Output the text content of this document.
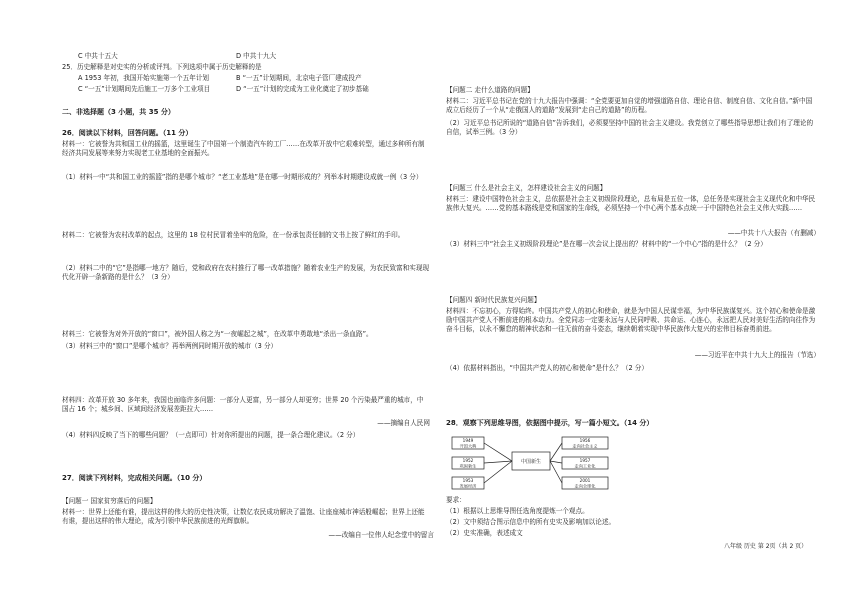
C 中共十五大	D 中共十九大
25．历史解释是对史实的分析或评判。下列选项中属于历史解释的是
A 1953 年初，我国开始实施第一个五年计划	B “一五”计划期间，北京电子管厂建成投产
C “一五”计划期间先后施工一万多个工业项目	D “一五”计划的完成为工业化奠定了初步基础
二、非选择题（3 小题，共 35 分）
26．阅读以下材料，回答问题。（11 分）
材料一：它被誉为共和国工业的摇篮，这里诞生了中国第一个制造汽车的工厂……在改革开放中它艰难转型，通过多种所有制经济共同发展等来努力实现老工业基地的全面振兴。
（1）材料一中“共和国工业的摇篮”指的是哪个城市？“老工业基地”是在哪一时期形成的？列举本时期建设成就一例（3 分）
材料二：它被誉为农村改革的起点，这里的 18 位村民冒着坐牢的危险，在一份承包责任制的文书上按了鲜红的手印。
（2）材料二中的“它”是指哪一地方？随后，党和政府在农村推行了哪一改革措施？随着农业生产的发展，为农民致富和实现现代化开辟一条新路的是什么？（3 分）
材料三：它被誉为对外开放的“窗口”，被外国人称之为“一夜崛起之城”，在改革中勇敢地“杀出一条血路”。
（3）材料三中的“窗口”是哪个城市？再举两例同时期开放的城市（3 分）
材料四：改革开放 30 多年来，我国也面临许多问题：一部分人更富，另一部分人却更穷；世界 20 个污染最严重的城市，中国占 16 个；城乡间、区域间经济发展差距拉大……
——摘编自人民网
（4）材料四反映了当下的哪些问题？（一点即可）针对你所提出的问题，提一条合理化建议。（2 分）
27．阅读下列材料，完成相关问题。（10 分）
【问题一 国家贫穷落后的问题】
材料一：世界上还能有谁，提出这样的伟大的历史性决策，让数亿农民成功解决了温饱、让座座城市神话般崛起；世界上还能有谁，提出这样的伟大理论，成为引领中华民族前进的光辉旗帜。
——改编自一位伟人纪念堂中的留言
【问题二 走什么道路的问题】
材料二：习近平总书记在党的十九大报告中强调：“全党要更加自觉的增强道路自信、理论自信、制度自信、文化自信。”新中国成立后经历了一个从“走俄国人的道路”发展到“走自己的道路”的历程。
（2）习近平总书记所说的“道路自信”告诉我们，必须要坚持中国的社会主义建设。我党创立了哪些指导思想让我们有了理论的自信，试举三例。（3 分）
【问题三 什么是社会主义，怎样建设社会主义的问题】
材料三：建设中国特色社会主义，总依据是社会主义初级阶段理论，总布局是五位一体，总任务是实现社会主义现代化和中华民族伟大复兴。……党的基本路线是党和国家的生命线，必须坚持一个中心两个基本点统一于中国特色社会主义伟大实践……
——中共十八大报告（有删减）
（3）材料三中“社会主义初级阶段理论”是在哪一次会议上提出的？材料中的“一个中心”指的是什么？（2 分）
【问题四 新时代民族复兴问题】
材料四：不忘初心，方得始终。中国共产党人的初心和使命，就是为中国人民谋幸福，为中华民族谋复兴。这个初心和使命是激励中国共产党人不断前进的根本动力。全党同志一定要永远与人民同呼吸、共命运、心连心，永远把人民对美好生活的向往作为奋斗目标，以永不懈怠的精神状态和一往无前的奋斗姿态，继续朝着实现中华民族伟大复兴的宏伟目标奋勇前进。
——习近平在中共十九大上的报告（节选）
（4）依据材料指出，“中国共产党人的初心和使命”是什么？（2 分）
28．观察下列思维导图，依据图中提示，写一篇小短文。（14 分）
1949
开国大典
1952
巩固新生
1953
发展经济
中国新生
1956
走向社会主义
1957
走向工业化
2001
走向全球化
要求：
（1）根据以上思维导图任选角度提炼一个观点。
（2）文中须结合图示信息中的所有史实及影响加以论述。
（2）史实准确，表述成文
八年级 历史 第 2页（共 2 页）
